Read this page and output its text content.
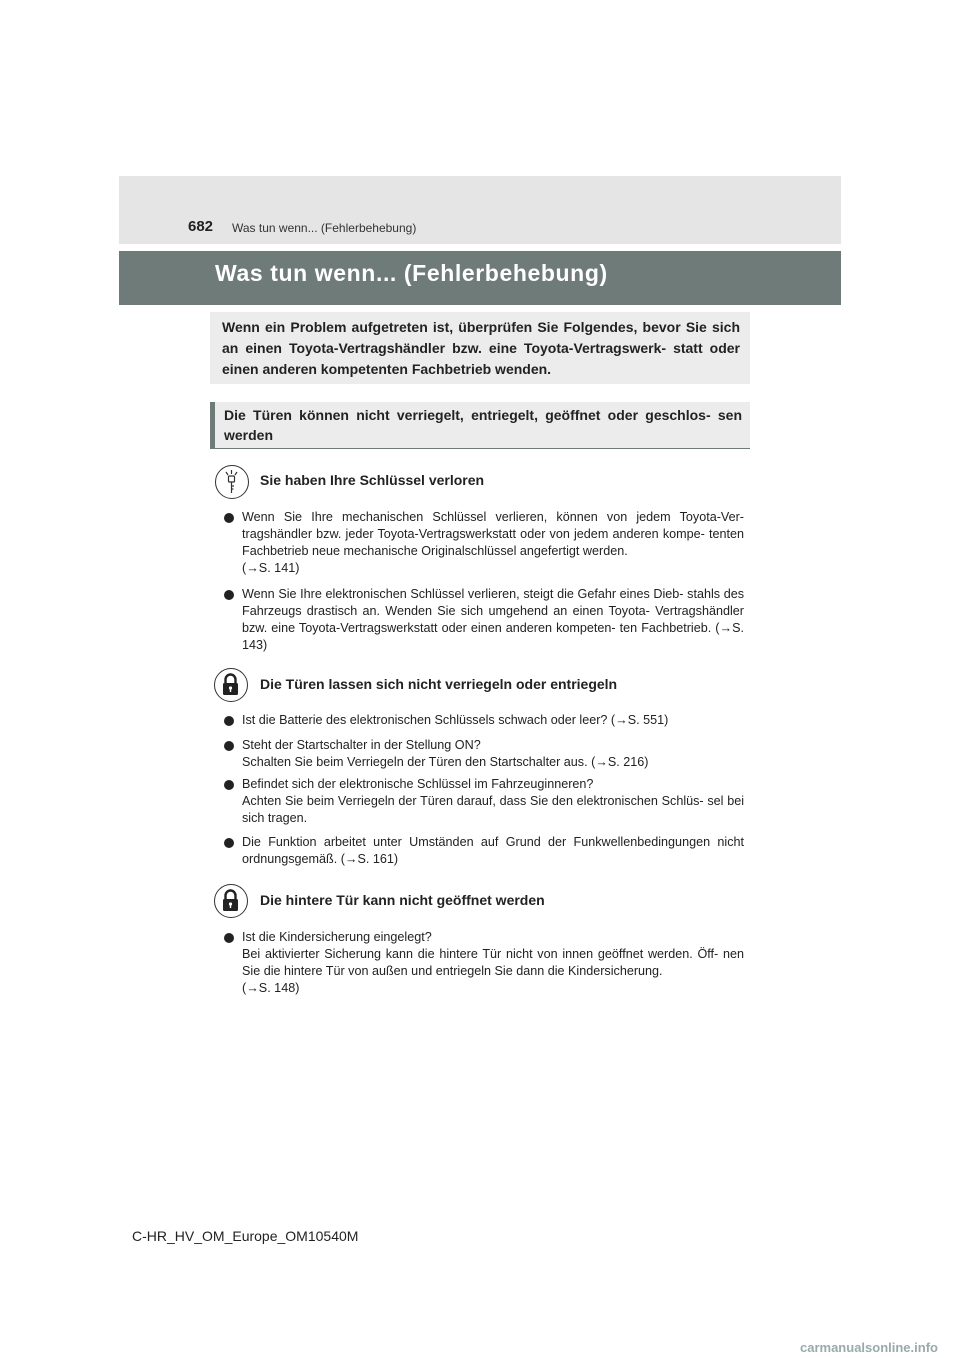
682 Was tun wenn... (Fehlerbehebung)
Was tun wenn... (Fehlerbehebung)
Wenn ein Problem aufgetreten ist, überprüfen Sie Folgendes, bevor Sie sich an einen Toyota-Vertragshändler bzw. eine Toyota-Vertragswerk- statt oder einen anderen kompetenten Fachbetrieb wenden.
Die Türen können nicht verriegelt, entriegelt, geöffnet oder geschlos- sen werden
Sie haben Ihre Schlüssel verloren
Wenn Sie Ihre mechanischen Schlüssel verlieren, können von jedem Toyota-Ver- tragshändler bzw. jeder Toyota-Vertragswerkstatt oder von jedem anderen kompe- tenten Fachbetrieb neue mechanische Originalschlüssel angefertigt werden.
(→S. 141)
Wenn Sie Ihre elektronischen Schlüssel verlieren, steigt die Gefahr eines Dieb- stahls des Fahrzeugs drastisch an. Wenden Sie sich umgehend an einen Toyota- Vertragshändler bzw. eine Toyota-Vertragswerkstatt oder einen anderen kompeten- ten Fachbetrieb. (→S. 143)
Die Türen lassen sich nicht verriegeln oder entriegeln
Ist die Batterie des elektronischen Schlüssels schwach oder leer? (→S. 551)
Steht der Startschalter in der Stellung ON?
Schalten Sie beim Verriegeln der Türen den Startschalter aus. (→S. 216)
Befindet sich der elektronische Schlüssel im Fahrzeuginneren?
Achten Sie beim Verriegeln der Türen darauf, dass Sie den elektronischen Schlüs- sel bei sich tragen.
Die Funktion arbeitet unter Umständen auf Grund der Funkwellenbedingungen nicht ordnungsgemäß. (→S. 161)
Die hintere Tür kann nicht geöffnet werden
Ist die Kindersicherung eingelegt?
Bei aktivierter Sicherung kann die hintere Tür nicht von innen geöffnet werden. Öff- nen Sie die hintere Tür von außen und entriegeln Sie dann die Kindersicherung.
(→S. 148)
C-HR_HV_OM_Europe_OM10540M
carmanualsonline.info
